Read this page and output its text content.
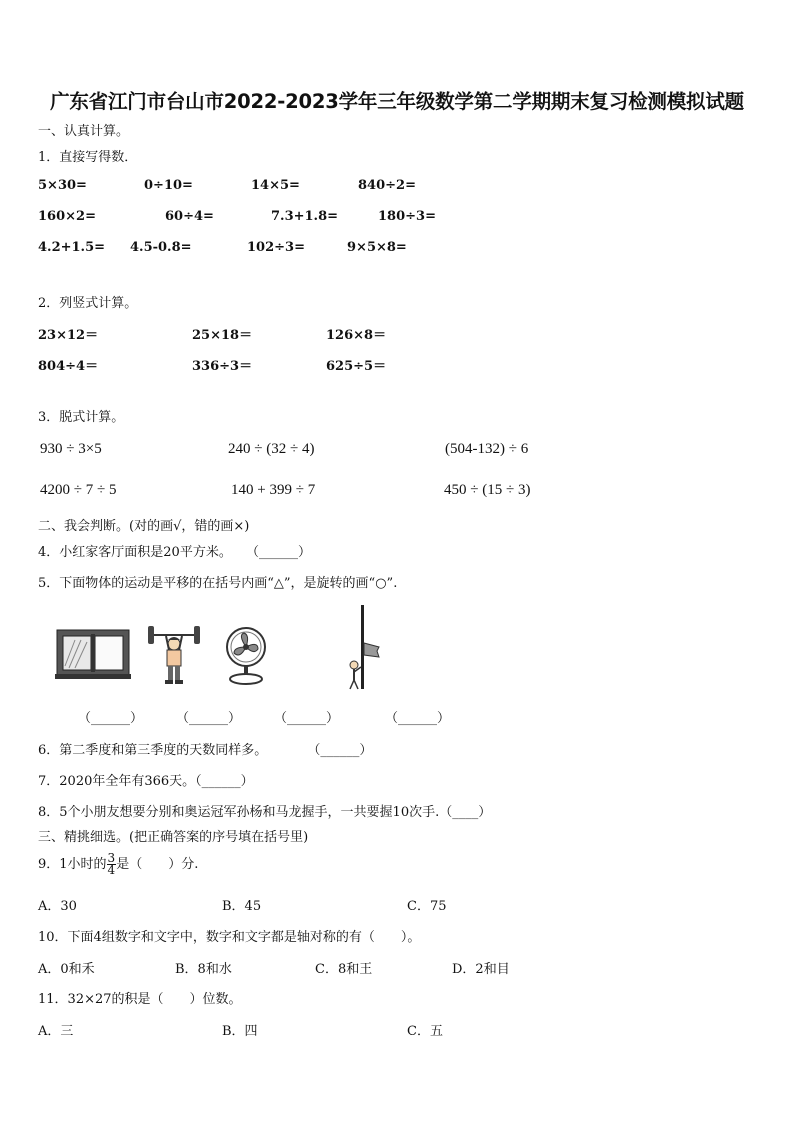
广东省江门市台山市2022-2023学年三年级数学第二学期期末复习检测模拟试题
一、认真计算。
1．直接写得数．
5×30=	0÷10=	14×5=	840÷2=
160×2=	60÷4=	7.3+1.8=	180÷3=
4.2+1.5= 4.5-0.8=	102÷3=	9×5×8=
2．列竖式计算。
23×12＝	25×18＝	126×8＝
804÷4＝	336÷3＝	625÷5＝
3．脱式计算。
930 ÷ 3×5	240 ÷ (32 ÷ 4)	(504-132) ÷ 6
4200 ÷ 7 ÷ 5	140 + 399 ÷ 7	450 ÷ (15 ÷ 3)
二、我会判断。(对的画√，错的画×)
4．小红家客厅面积是20平方米。 （______）
5．下面物体的运动是平移的在括号内画“△”，是旋转的画“○”.
（______）	（______）	（______）	（______）
6．第二季度和第三季度的天数同样多。	（______）
7．2020年全年有366天。（______）
8．5个小朋友想要分别和奥运冠军孙杨和马龙握手，一共要握10次手.（____）
三、精挑细选。(把正确答案的序号填在括号里)
9．1小时的 $\frac{3}{4}$ 是（　　）分.
A．30	B．45	C．75
10．下面4组数字和文字中，数字和文字都是轴对称的有（　　）。
A．0和禾	B．8和水	C．8和王	D．2和目
11．32×27的积是（　　）位数。
A．三	B．四	C．五
